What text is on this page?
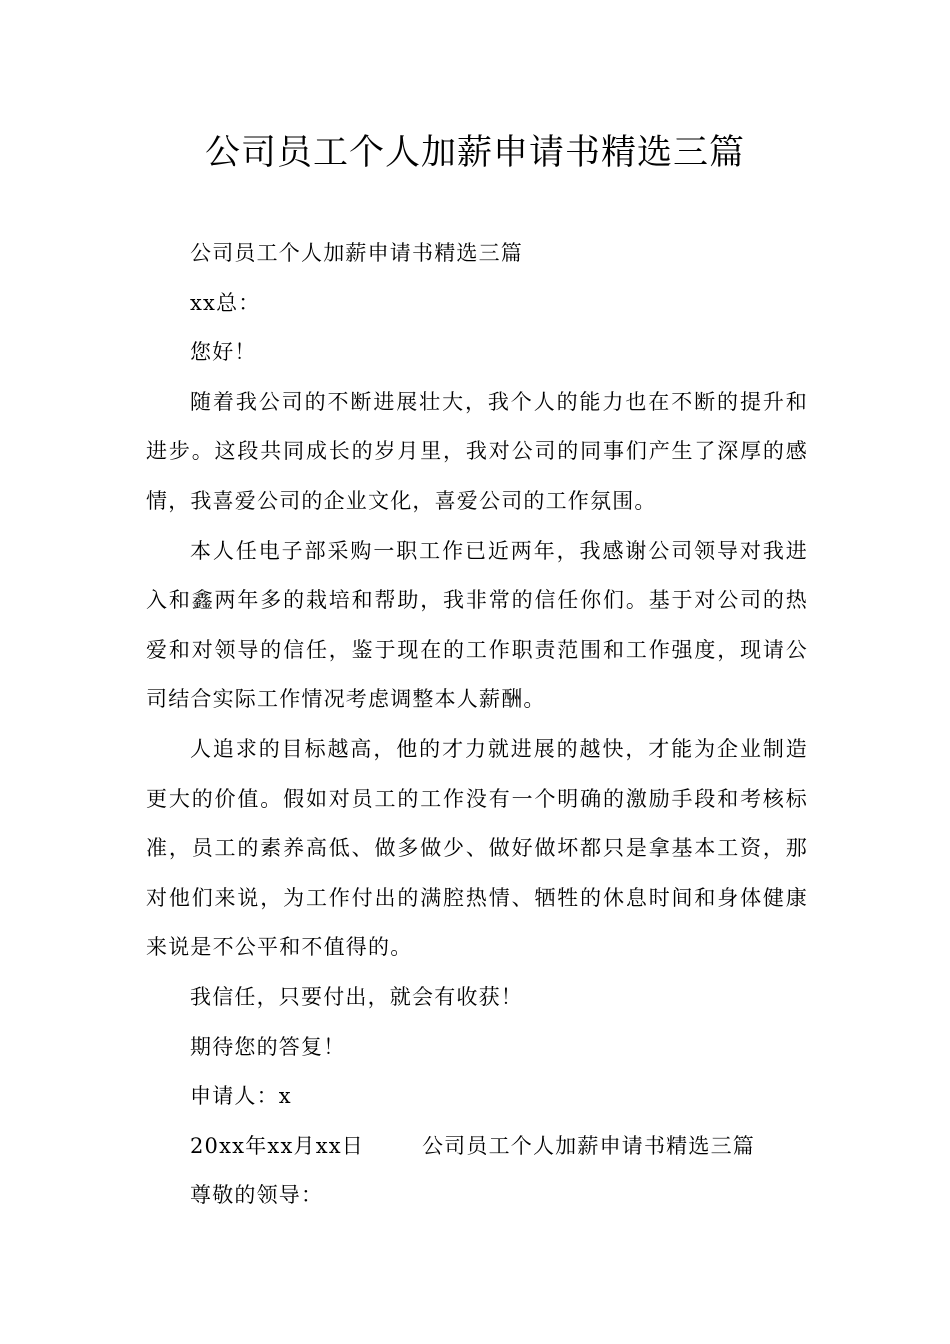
公司员工个人加薪申请书精选三篇

公司员工个人加薪申请书精选三篇

xx总：

您好！

随着我公司的不断进展壮大，我个人的能力也在不断的提升和进步。这段共同成长的岁月里，我对公司的同事们产生了深厚的感情，我喜爱公司的企业文化，喜爱公司的工作氛围。

本人任电子部采购一职工作已近两年，我感谢公司领导对我进入和鑫两年多的栽培和帮助，我非常的信任你们。基于对公司的热爱和对领导的信任，鉴于现在的工作职责范围和工作强度，现请公司结合实际工作情况考虑调整本人薪酬。

人追求的目标越高，他的才力就进展的越快，才能为企业制造更大的价值。假如对员工的工作没有一个明确的激励手段和考核标准，员工的素养高低、做多做少、做好做坏都只是拿基本工资，那对他们来说，为工作付出的满腔热情、牺牲的休息时间和身体健康来说是不公平和不值得的。

我信任，只要付出，就会有收获！

期待您的答复！

申请人：x

20xx年xx月xx日	公司员工个人加薪申请书精选三篇

尊敬的领导：
